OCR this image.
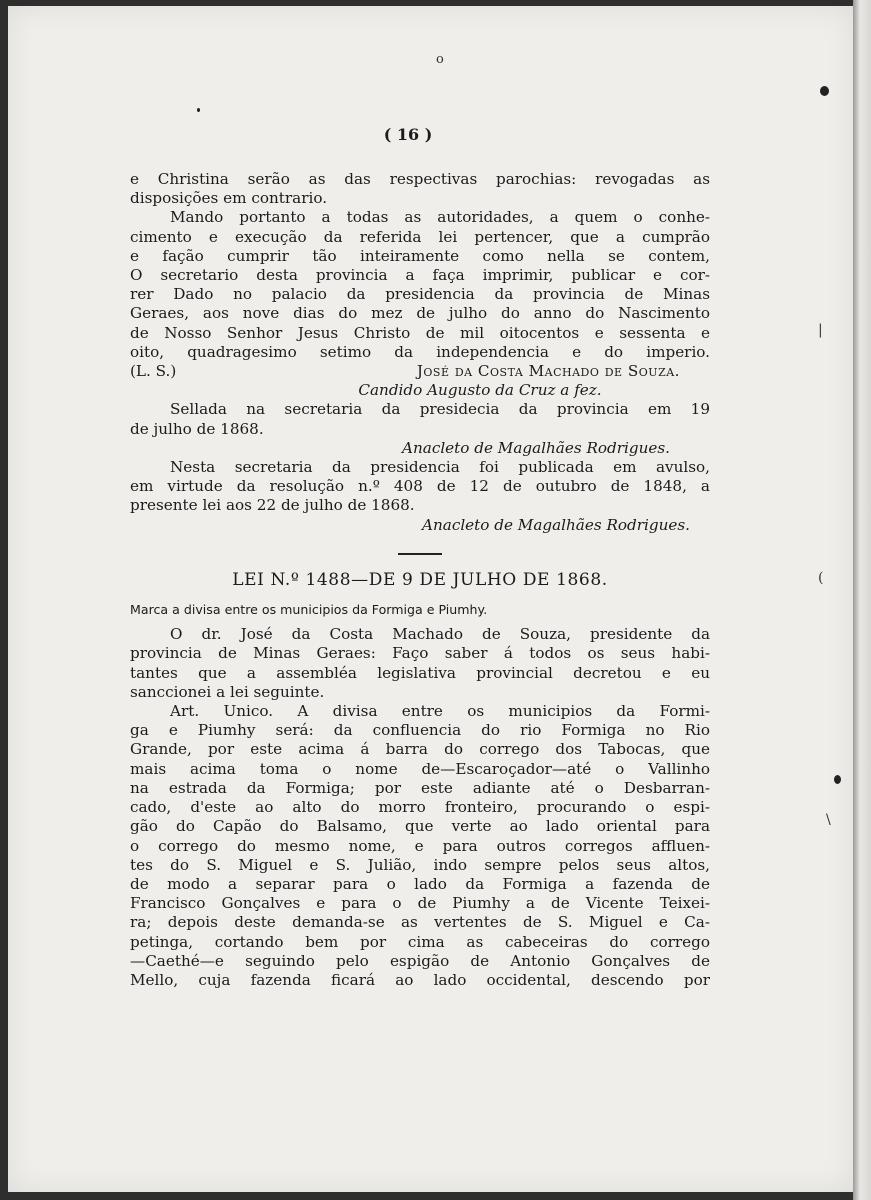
o
( 16 )
|
(
\

e Christina serão as das respectivas parochias: revogadas as

disposições em contrario.

Mando portanto a todas as autoridades, a quem o conhe-

cimento e execução da referida lei pertencer, que a cumprão

e fação cumprir tão inteiramente como nella se contem,

O secretario desta provincia a faça imprimir, publicar e cor-

rer Dado no palacio da presidencia da provincia de Minas

Geraes, aos nove dias do mez de julho do anno do Nascimento

de Nosso Senhor Jesus Christo de mil oitocentos e sessenta e

oito, quadragesimo setimo da independencia e do imperio.

(L. S.)	José da Costa Machado de Souza.

Candido Augusto da Cruz a fez.

Sellada na secretaria da presidecia da provincia em 19

de julho de 1868.

Anacleto de Magalhães Rodrigues.

Nesta secretaria da presidencia foi publicada em avulso,

em virtude da resolução n.º 408 de 12 de outubro de 1848, a

presente lei aos 22 de julho de 1868.

Anacleto de Magalhães Rodrigues.

LEI N.º 1488—DE 9 DE JULHO DE 1868.

Marca a divisa entre os municipios da Formiga e Piumhy.

O dr. José da Costa Machado de Souza, presidente da

provincia de Minas Geraes: Faço saber á todos os seus habi-

tantes que a assembléa legislativa provincial decretou e eu

sanccionei a lei seguinte.

Art. Unico. A divisa entre os municipios da Formi-

ga e Piumhy será: da confluencia do rio Formiga no Rio

Grande, por este acima á barra do corrego dos Tabocas, que

mais acima toma o nome de—Escaroçador—até o Vallinho

na estrada da Formiga; por este adiante até o Desbarran-

cado, d'este ao alto do morro fronteiro, procurando o espi-

gão do Capão do Balsamo, que verte ao lado oriental para

o corrego do mesmo nome, e para outros corregos affluen-

tes do S. Miguel e S. Julião, indo sempre pelos seus altos,

de modo a separar para o lado da Formiga a fazenda de

Francisco Gonçalves e para o de Piumhy a de Vicente Teixei-

ra; depois deste demanda-se as vertentes de S. Miguel e Ca-

petinga, cortando bem por cima as cabeceiras do corrego

—Caethé—e seguindo pelo espigão de Antonio Gonçalves de

Mello, cuja fazenda ficará ao lado occidental, descendo por
